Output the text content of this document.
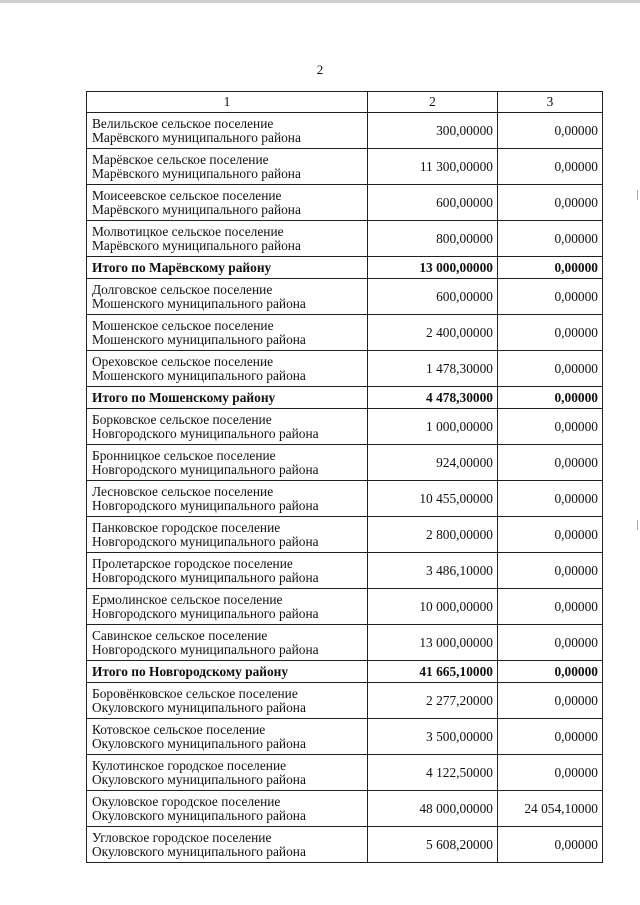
2
1	2	3

Велильское сельское поселение
Марёвского муниципального района	300,00000	0,00000

Марёвское сельское поселение
Марёвского муниципального района	11 300,00000	0,00000

Моисеевское сельское поселение
Марёвского муниципального района	600,00000	0,00000

Молвотицкое сельское поселение
Марёвского муниципального района	800,00000	0,00000

Итого по Марёвскому району	13 000,00000	0,00000

Долговское сельское поселение
Мошенского муниципального района	600,00000	0,00000

Мошенское сельское поселение
Мошенского муниципального района	2 400,00000	0,00000

Ореховское сельское поселение
Мошенского муниципального района	1 478,30000	0,00000

Итого по Мошенскому району	4 478,30000	0,00000

Борковское сельское поселение
Новгородского муниципального района	1 000,00000	0,00000

Бронницкое сельское поселение
Новгородского муниципального района	924,00000	0,00000

Лесновское сельское поселение
Новгородского муниципального района	10 455,00000	0,00000

Панковское городское поселение
Новгородского муниципального района	2 800,00000	0,00000

Пролетарское городское поселение
Новгородского муниципального района	3 486,10000	0,00000

Ермолинское сельское поселение
Новгородского муниципального района	10 000,00000	0,00000

Савинское сельское поселение
Новгородского муниципального района	13 000,00000	0,00000

Итого по Новгородскому району	41 665,10000	0,00000

Боровёнковское сельское поселение
Окуловского муниципального района	2 277,20000	0,00000

Котовское сельское поселение
Окуловского муниципального района	3 500,00000	0,00000

Кулотинское городское поселение
Окуловского муниципального района	4 122,50000	0,00000

Окуловское городское поселение
Окуловского муниципального района	48 000,00000	24 054,10000

Угловское городское поселение
Окуловского муниципального района	5 608,20000	0,00000
